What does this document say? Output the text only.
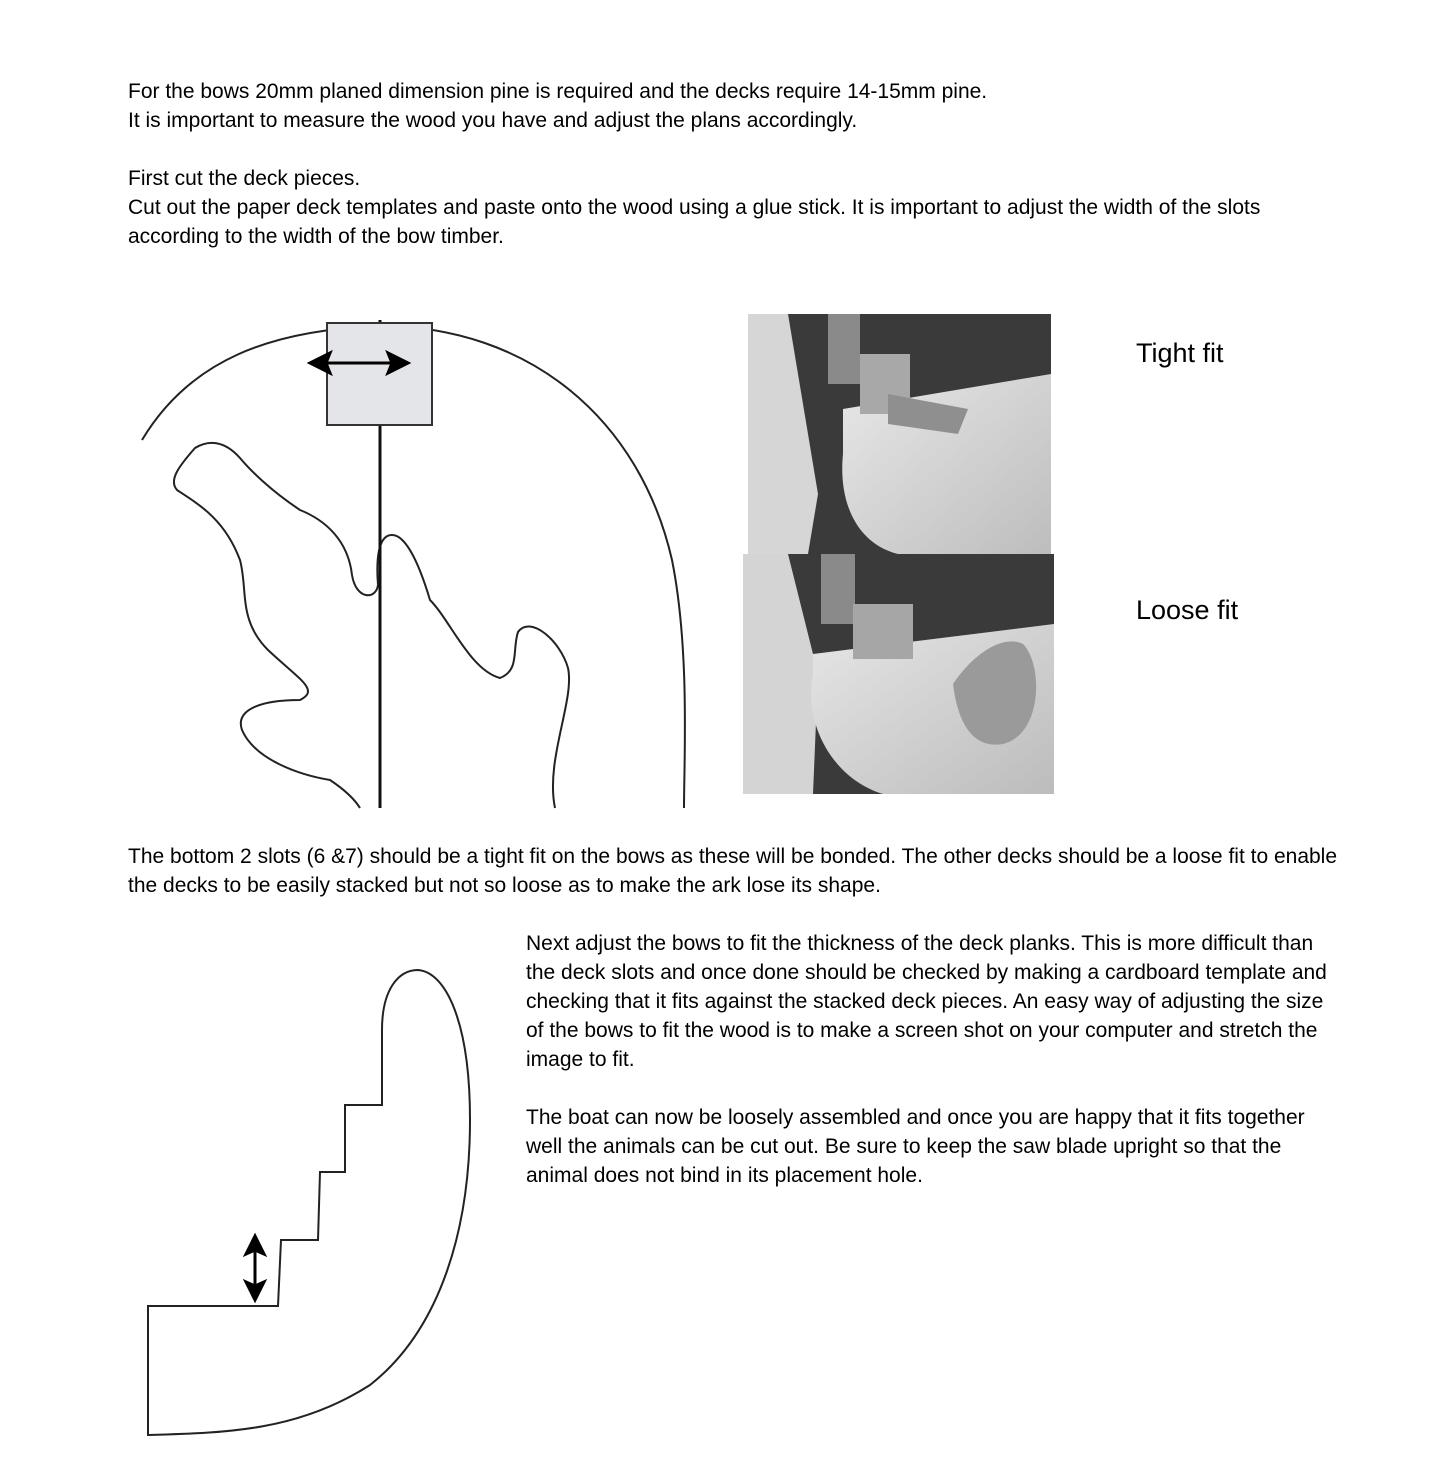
For the bows 20mm planed dimension pine is required and the decks require 14-15mm pine.

It is important to measure the wood you have and adjust the plans accordingly.

First cut the deck pieces.

Cut out the paper deck templates and paste onto the wood using a glue stick. It is important to adjust the width of the slots according to the width of the bow timber.

Tight fit
Loose fit

The bottom 2 slots (6 &7) should be a tight fit on the bows as these will be bonded. The other decks should be a loose fit to enable the decks to be easily stacked but not so loose as to make the ark lose its shape.

Next adjust the bows to fit the thickness of the deck planks. This is more difficult than the deck slots and once done should be checked by making a cardboard template and checking that it fits against the stacked deck pieces. An easy way of adjusting the size of the bows to fit the wood is to make a screen shot on your computer and stretch the image to fit.

The boat can now be loosely assembled and once you are happy that it fits together well the animals can be cut out. Be sure to keep the saw blade upright so that the animal does not bind in its placement hole.
